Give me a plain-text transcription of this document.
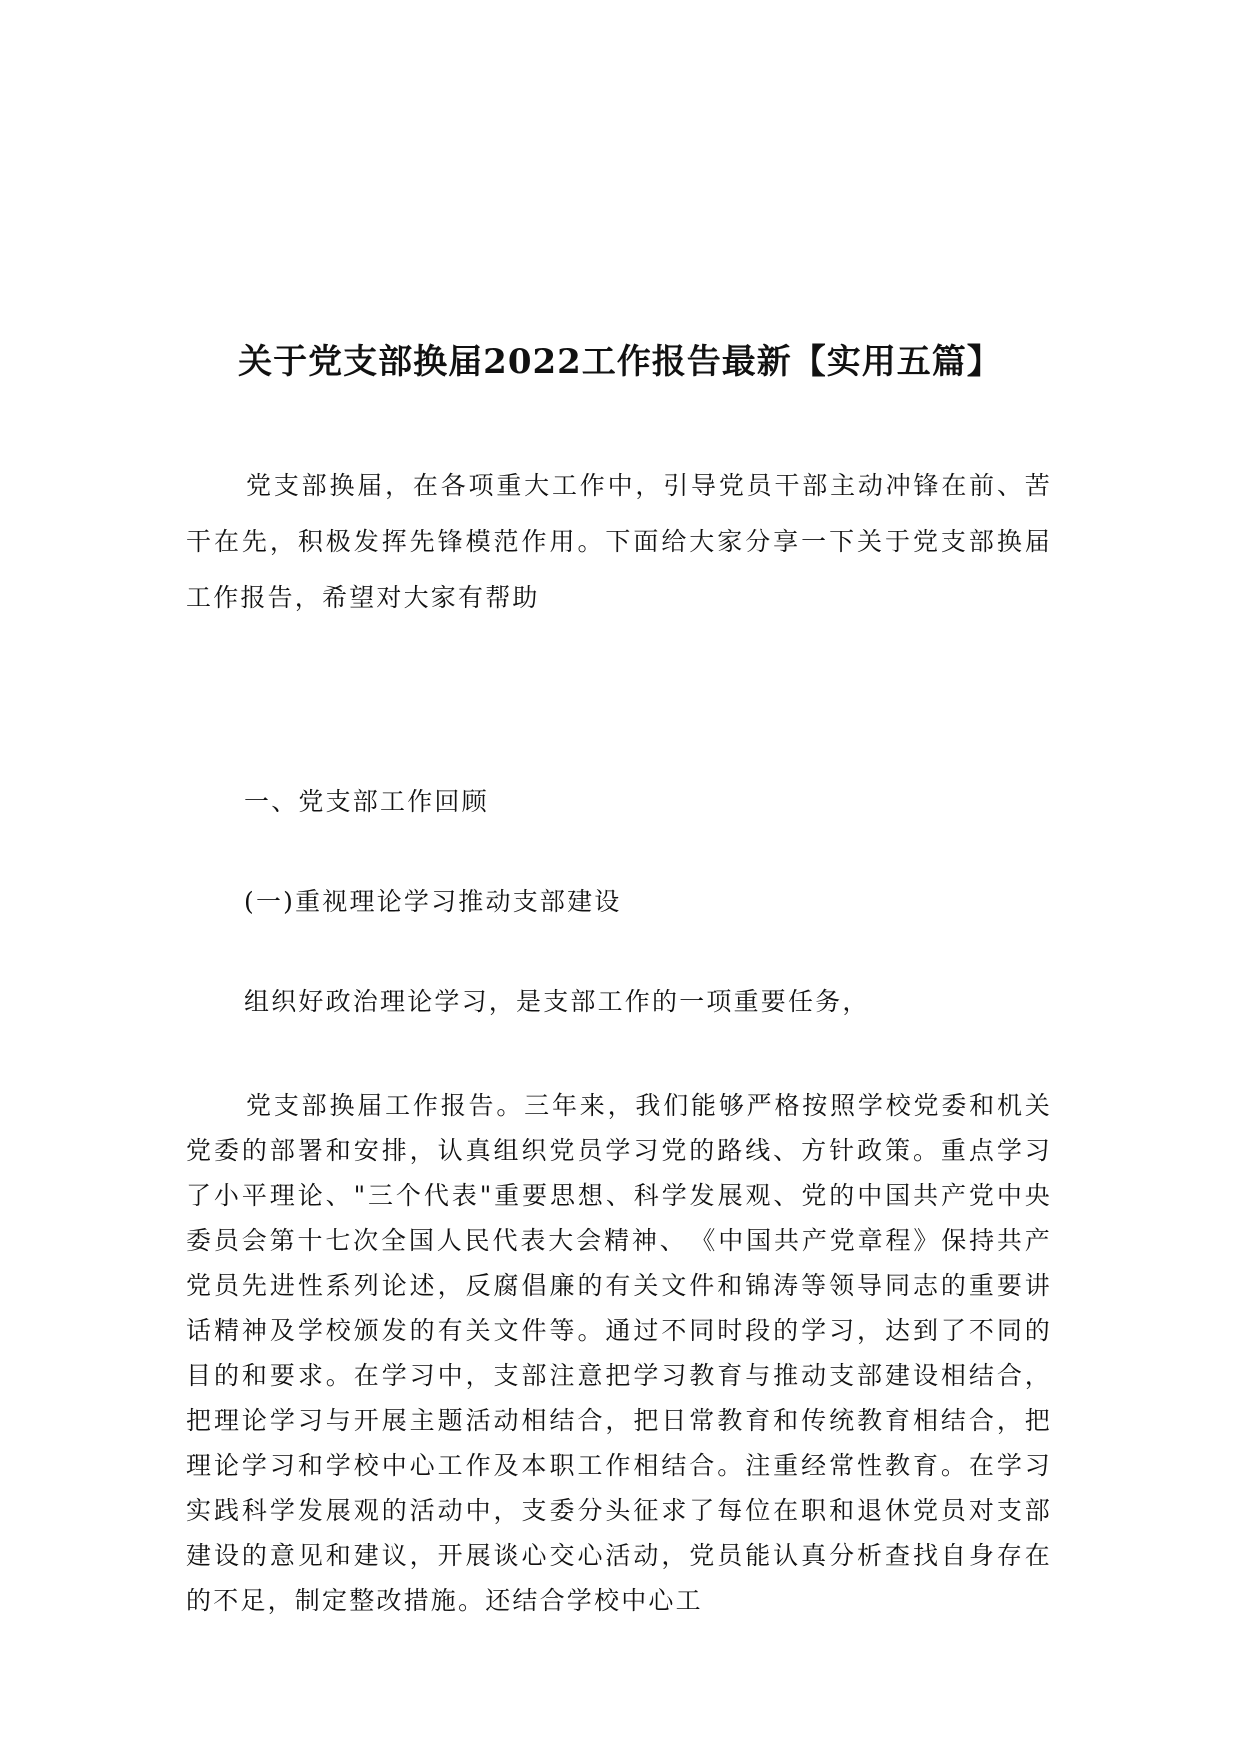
关于党支部换届2022工作报告最新【实用五篇】
党支部换届，在各项重大工作中，引导党员干部主动冲锋在前、苦干在先，积极发挥先锋模范作用。下面给大家分享一下关于党支部换届工作报告，希望对大家有帮助
一、党支部工作回顾
(一)重视理论学习推动支部建设
组织好政治理论学习，是支部工作的一项重要任务，
党支部换届工作报告。三年来，我们能够严格按照学校党委和机关党委的部署和安排，认真组织党员学习党的路线、方针政策。重点学习了小平理论、"三个代表"重要思想、科学发展观、党的中国共产党中央委员会第十七次全国人民代表大会精神、　《中国共产党章程》保持共产党员先进性系列论述，反腐倡廉的有关文件和锦涛等领导同志的重要讲话精神及学校颁发的有关文件等。通过不同时段的学习，达到了不同的目的和要求。在学习中，支部注意把学习教育与推动支部建设相结合，把理论学习与开展主题活动相结合，把日常教育和传统教育相结合，把理论学习和学校中心工作及本职工作相结合。注重经常性教育。在学习实践科学发展观的活动中，支委分头征求了每位在职和退休党员对支部建设的意见和建议，开展谈心交心活动，党员能认真分析查找自身存在的不足，制定整改措施。还结合学校中心工
